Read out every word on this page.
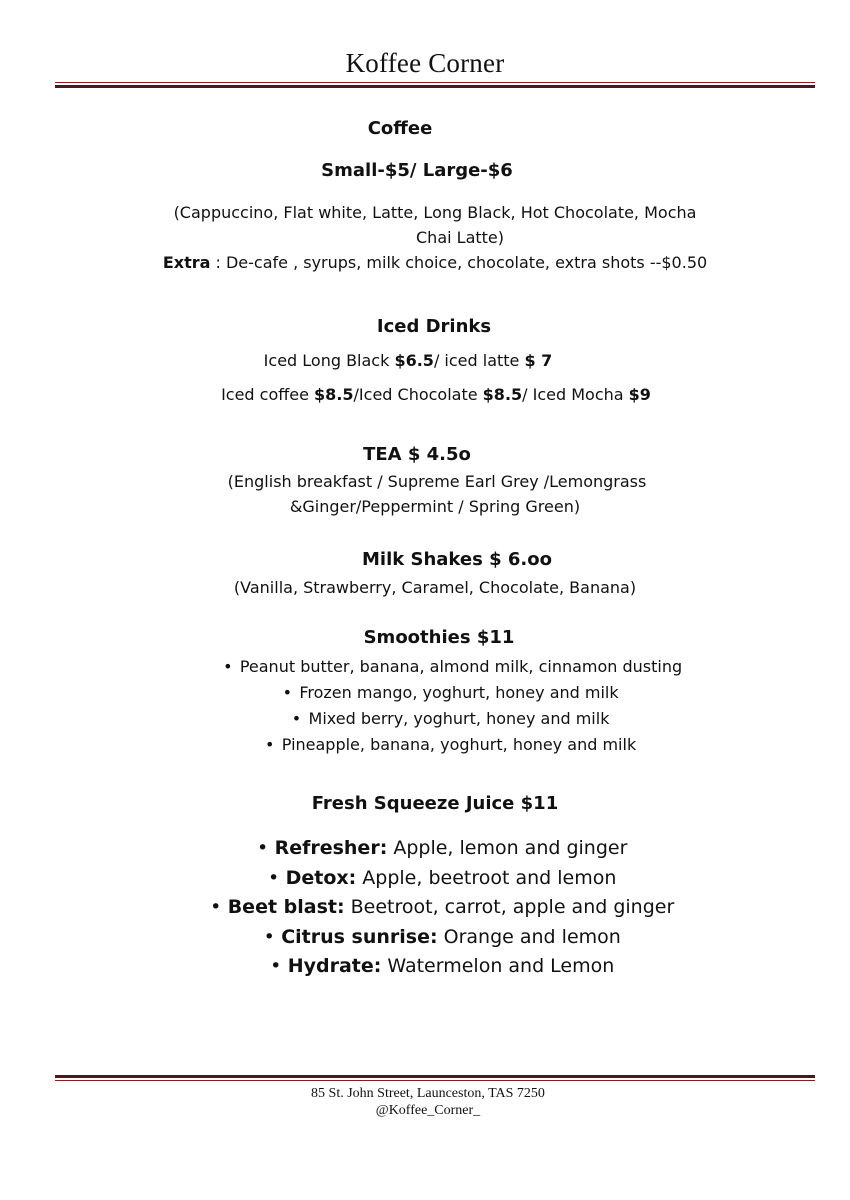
Koffee Corner
Coffee
Small-$5/ Large-$6
(Cappuccino, Flat white, Latte, Long Black, Hot Chocolate, Mocha
Chai Latte)
Extra : De-cafe , syrups, milk choice, chocolate, extra shots --$0.50
Iced Drinks
Iced Long Black $6.5/ iced latte $ 7
Iced coffee $8.5/Iced Chocolate $8.5/ Iced Mocha $9
TEA $ 4.5o
(English breakfast / Supreme Earl Grey /Lemongrass
&Ginger/Peppermint / Spring Green)
Milk Shakes $ 6.oo
(Vanilla, Strawberry, Caramel, Chocolate, Banana)
Smoothies $11
• Peanut butter, banana, almond milk, cinnamon dusting
• Frozen mango, yoghurt, honey and milk
• Mixed berry, yoghurt, honey and milk
• Pineapple, banana, yoghurt, honey and milk
Fresh Squeeze Juice $11
• Refresher: Apple, lemon and ginger
• Detox: Apple, beetroot and lemon
• Beet blast: Beetroot, carrot, apple and ginger
• Citrus sunrise: Orange and lemon
• Hydrate: Watermelon and Lemon
85 St. John Street, Launceston, TAS 7250
@Koffee_Corner_
